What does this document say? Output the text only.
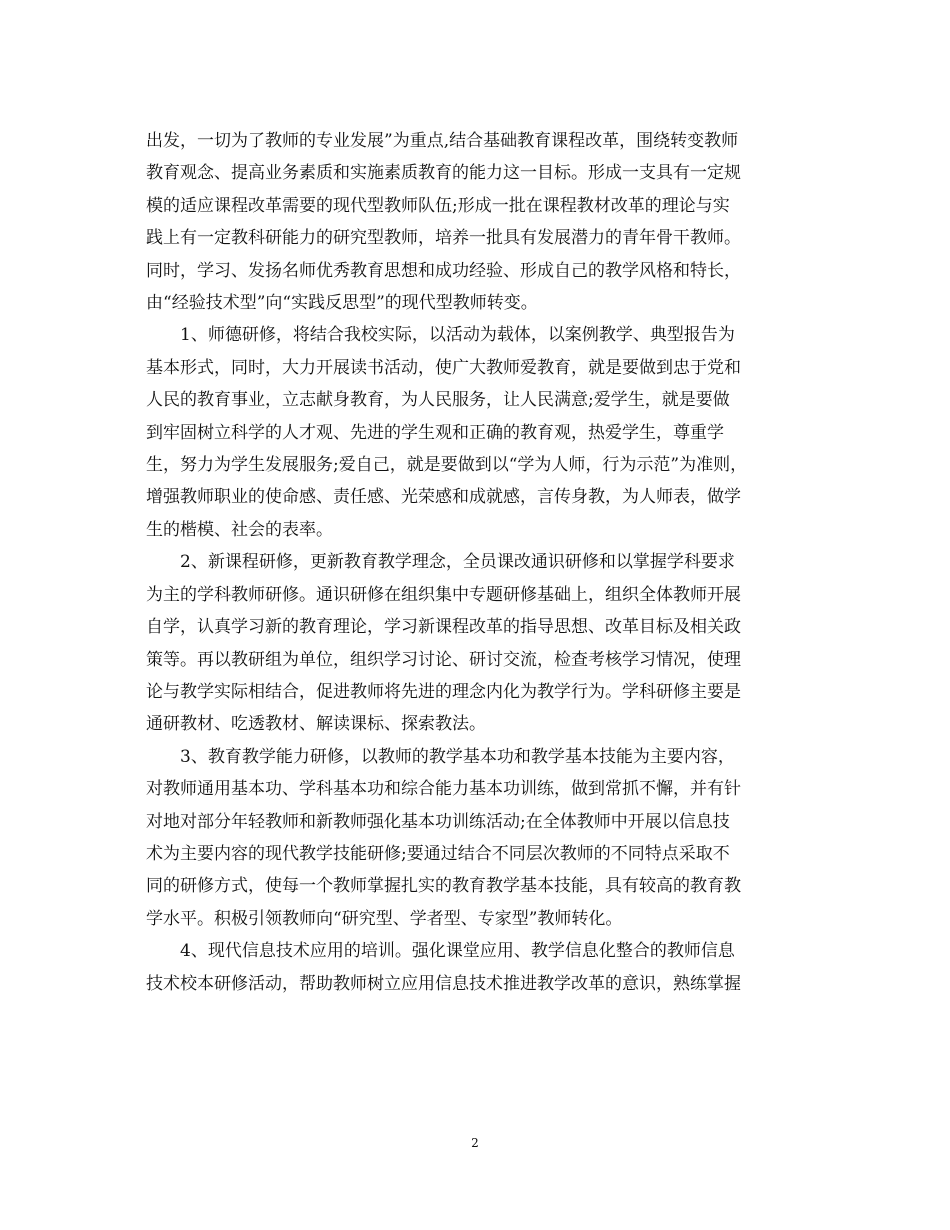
出发，一切为了教师的专业发展”为重点,结合基础教育课程改革，围绕转变教师
教育观念、提高业务素质和实施素质教育的能力这一目标。形成一支具有一定规
模的适应课程改革需要的现代型教师队伍;形成一批在课程教材改革的理论与实
践上有一定教科研能力的研究型教师，培养一批具有发展潜力的青年骨干教师。
同时，学习、发扬名师优秀教育思想和成功经验、形成自己的教学风格和特长，
由“经验技术型”向“实践反思型”的现代型教师转变。

1、师德研修，将结合我校实际，以活动为载体，以案例教学、典型报告为
基本形式，同时，大力开展读书活动，使广大教师爱教育，就是要做到忠于党和
人民的教育事业，立志献身教育，为人民服务，让人民满意;爱学生，就是要做
到牢固树立科学的人才观、先进的学生观和正确的教育观，热爱学生，尊重学
生，努力为学生发展服务;爱自己，就是要做到以“学为人师，行为示范”为准则，
增强教师职业的使命感、责任感、光荣感和成就感，言传身教，为人师表，做学
生的楷模、社会的表率。

2、新课程研修，更新教育教学理念，全员课改通识研修和以掌握学科要求
为主的学科教师研修。通识研修在组织集中专题研修基础上，组织全体教师开展
自学，认真学习新的教育理论，学习新课程改革的指导思想、改革目标及相关政
策等。再以教研组为单位，组织学习讨论、研讨交流，检查考核学习情况，使理
论与教学实际相结合，促进教师将先进的理念内化为教学行为。学科研修主要是
通研教材、吃透教材、解读课标、探索教法。

3、教育教学能力研修，以教师的教学基本功和教学基本技能为主要内容，
对教师通用基本功、学科基本功和综合能力基本功训练，做到常抓不懈，并有针
对地对部分年轻教师和新教师强化基本功训练活动;在全体教师中开展以信息技
术为主要内容的现代教学技能研修;要通过结合不同层次教师的不同特点采取不
同的研修方式，使每一个教师掌握扎实的教育教学基本技能，具有较高的教育教
学水平。积极引领教师向“研究型、学者型、专家型”教师转化。

4、现代信息技术应用的培训。强化课堂应用、教学信息化整合的教师信息
技术校本研修活动，帮助教师树立应用信息技术推进教学改革的意识，熟练掌握

2
